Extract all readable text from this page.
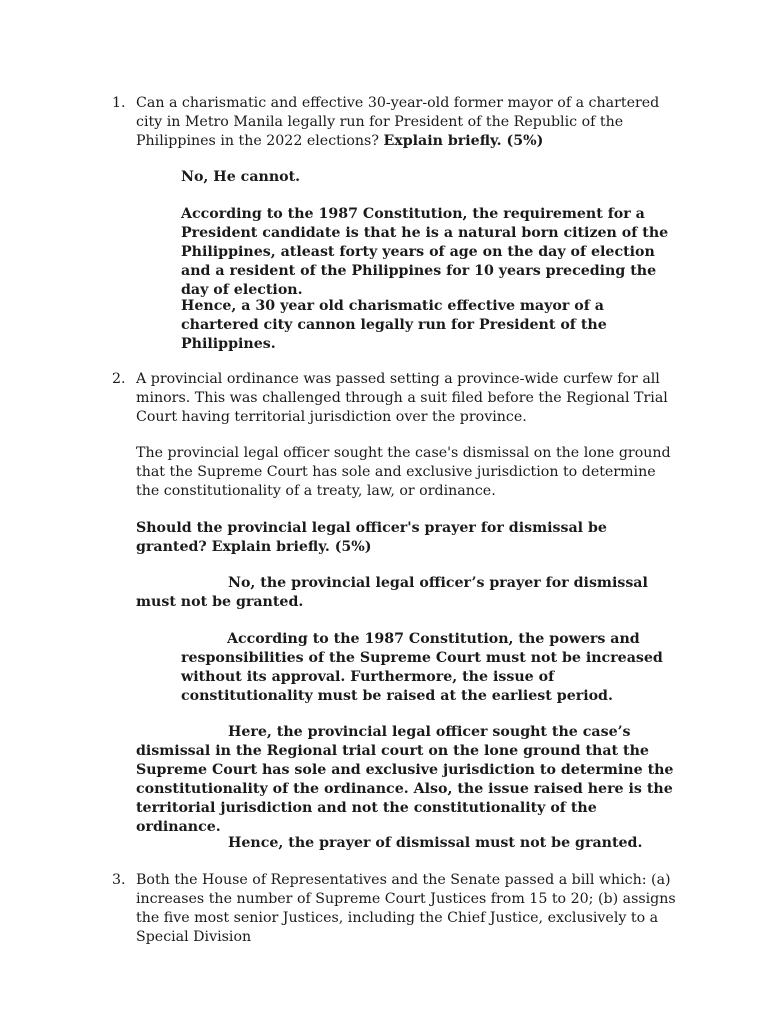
1. Can a charismatic and effective 30-year-old former mayor of a chartered city in Metro Manila legally run for President of the Republic of the Philippines in the 2022 elections? Explain briefly. (5%)

No, He cannot.

According to the 1987 Constitution, the requirement for a President candidate is that he is a natural born citizen of the Philippines, atleast forty years of age on the day of election and a resident of the Philippines for 10 years preceding the day of election.

Hence, a 30 year old charismatic effective mayor of a chartered city cannon legally run for President of the Philippines.

2. A provincial ordinance was passed setting a province-wide curfew for all minors. This was challenged through a suit filed before the Regional Trial Court having territorial jurisdiction over the province.

The provincial legal officer sought the case's dismissal on the lone ground that the Supreme Court has sole and exclusive jurisdiction to determine the constitutionality of a treaty, law, or ordinance.

Should the provincial legal officer's prayer for dismissal be granted? Explain briefly. (5%)

No, the provincial legal officer’s prayer for dismissal must not be granted.

According to the 1987 Constitution, the powers and responsibilities of the Supreme Court must not be increased without its approval. Furthermore, the issue of constitutionality must be raised at the earliest period.

Here, the provincial legal officer sought the case’s dismissal in the Regional trial court on the lone ground that the Supreme Court has sole and exclusive jurisdiction to determine the constitutionality of the ordinance. Also, the issue raised here is the territorial jurisdiction and not the constitutionality of the ordinance.

Hence, the prayer of dismissal must not be granted.

3. Both the House of Representatives and the Senate passed a bill which: (a) increases the number of Supreme Court Justices from 15 to 20; (b) assigns the five most senior Justices, including the Chief Justice, exclusively to a Special Division
